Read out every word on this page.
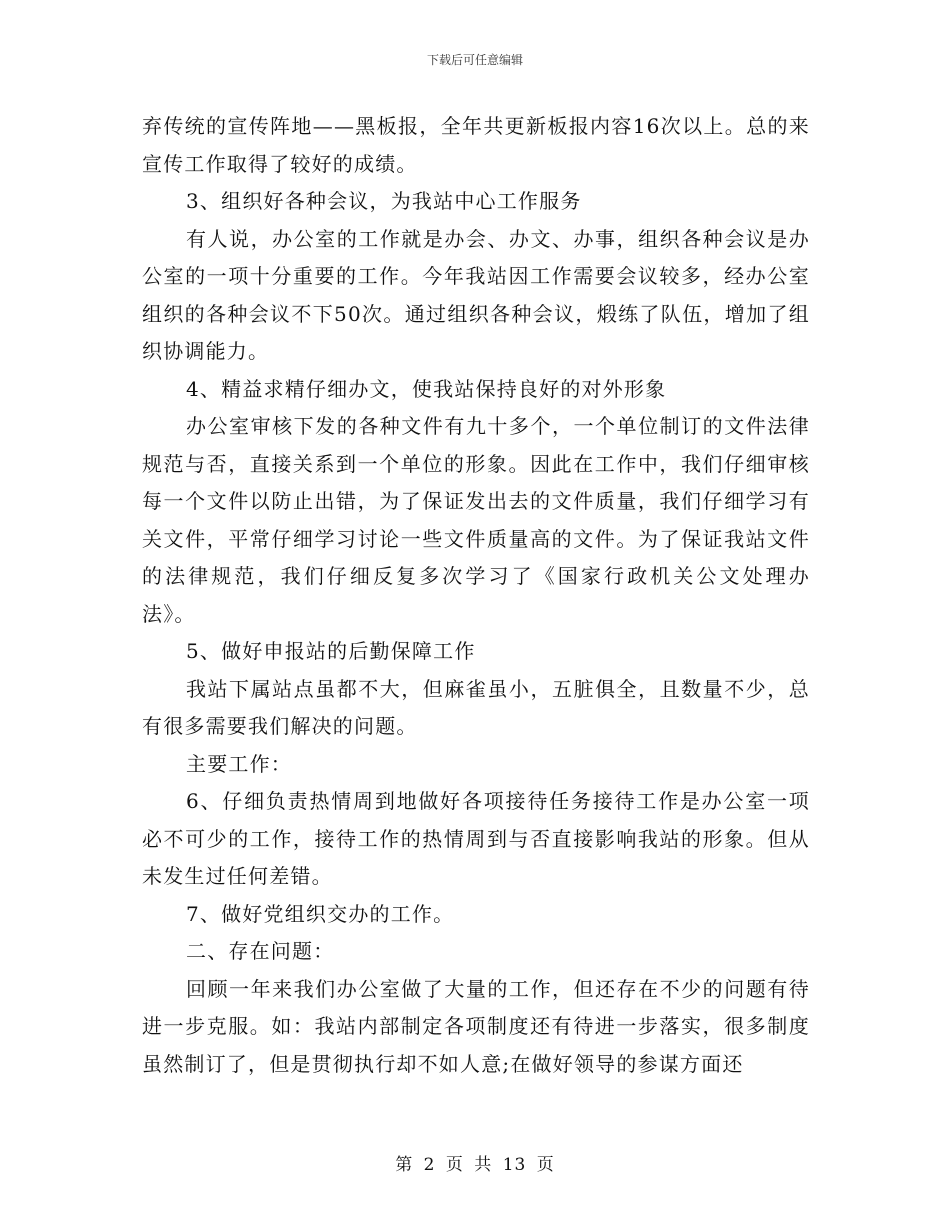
下载后可任意编辑

弃传统的宣传阵地——黑板报，全年共更新板报内容16次以上。总的来宣传工作取得了较好的成绩。

3、组织好各种会议，为我站中心工作服务

有人说，办公室的工作就是办会、办文、办事，组织各种会议是办公室的一项十分重要的工作。今年我站因工作需要会议较多，经办公室组织的各种会议不下50次。通过组织各种会议，煅练了队伍，增加了组织协调能力。

4、精益求精仔细办文，使我站保持良好的对外形象

办公室审核下发的各种文件有九十多个，一个单位制订的文件法律规范与否，直接关系到一个单位的形象。因此在工作中，我们仔细审核每一个文件以防止出错，为了保证发出去的文件质量，我们仔细学习有关文件，平常仔细学习讨论一些文件质量高的文件。为了保证我站文件的法律规范，我们仔细反复多次学习了《国家行政机关公文处理办法》。

5、做好申报站的后勤保障工作

我站下属站点虽都不大，但麻雀虽小，五脏俱全，且数量不少，总有很多需要我们解决的问题。

主要工作：

6、仔细负责热情周到地做好各项接待任务接待工作是办公室一项必不可少的工作，接待工作的热情周到与否直接影响我站的形象。但从未发生过任何差错。

7、做好党组织交办的工作。

二、存在问题：

回顾一年来我们办公室做了大量的工作，但还存在不少的问题有待进一步克服。如：我站内部制定各项制度还有待进一步落实，很多制度虽然制订了，但是贯彻执行却不如人意;在做好领导的参谋方面还

第 2 页 共 13 页
